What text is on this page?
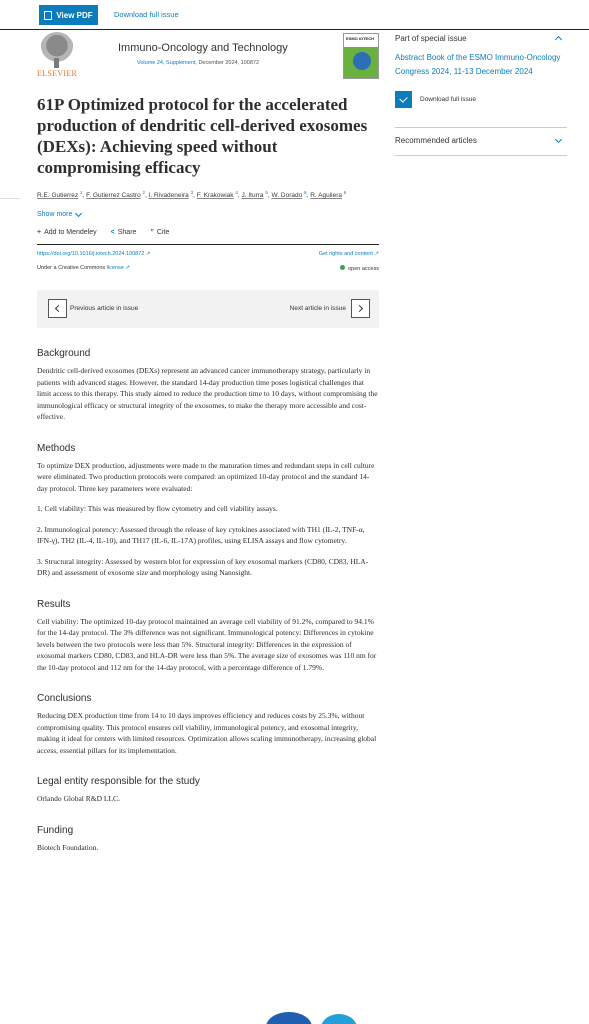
View PDF	Download full issue
ELSEVIER
Immuno-Oncology and Technology
Volume 24, Supplement, December 2024, 100872
ESMO IOTECH
61P Optimized protocol for the accelerated production of dendritic cell-derived exosomes (DEXs): Achieving speed without compromising efficacy
R.E. Gutierrez $^1$, F. Gutierrez Castro $^2$, I. Rivadeneira $^3$, F. Krakowiak $^4$, J. Iturra $^5$, W. Dorado $^6$, R. Aguilera $^6$
Show more
+ Add to Mendeley < Share ” Cite
https://doi.org/10.1016/j.iotech.2024.100872 ↗	Get rights and content ↗
Under a Creative Commons license ↗	open access
Previous article in issue	Next article in issue
Background

Dendritic cell-derived exosomes (DEXs) represent an advanced cancer immunotherapy strategy, particularly in patients with advanced stages. However, the standard 14-day production time poses logistical challenges that limit access to this therapy. This study aimed to reduce the production time to 10 days, without compromising the immunological efficacy or structural integrity of the exosomes, to make the therapy more accessible and cost-effective.

Methods

To optimize DEX production, adjustments were made to the maturation times and redundant steps in cell culture were eliminated. Two production protocols were compared: an optimized 10-day protocol and the standard 14-day protocol. Three key parameters were evaluated:

1. Cell viability: This was measured by flow cytometry and cell viability assays.

2. Immunological potency: Assessed through the release of key cytokines associated with TH1 (IL-2, TNF-α, IFN-γ), TH2 (IL-4, IL-10), and TH17 (IL-6, IL-17A) profiles, using ELISA assays and flow cytometry.

3. Structural integrity: Assessed by western blot for expression of key exosomal markers (CD80, CD83, HLA-DR) and assessment of exosome size and morphology using Nanosight.

Results

Cell viability: The optimized 10-day protocol maintained an average cell viability of 91.2%, compared to 94.1% for the 14-day protocol. The 3% difference was not significant. Immunological potency: Differences in cytokine levels between the two protocols were less than 5%. Structural integrity: Differences in the expression of exosomal markers CD80, CD83, and HLA-DR were less than 5%. The average size of exosomes was 110 nm for the 10-day protocol and 112 nm for the 14-day protocol, with a percentage difference of 1.79%.

Conclusions

Reducing DEX production time from 14 to 10 days improves efficiency and reduces costs by 25.3%, without compromising quality. This protocol ensures cell viability, immunological potency, and exosomal integrity, making it ideal for centers with limited resources. Optimization allows scaling immunotherapy, increasing global access, essential pillars for its implementation.

Legal entity responsible for the study

Orlando Global R&D LLC.

Funding

Biotech Foundation.

Part of special issue
Abstract Book of the ESMO Immuno-Oncology Congress 2024, 11-13 December 2024
Download full issue
Recommended articles
